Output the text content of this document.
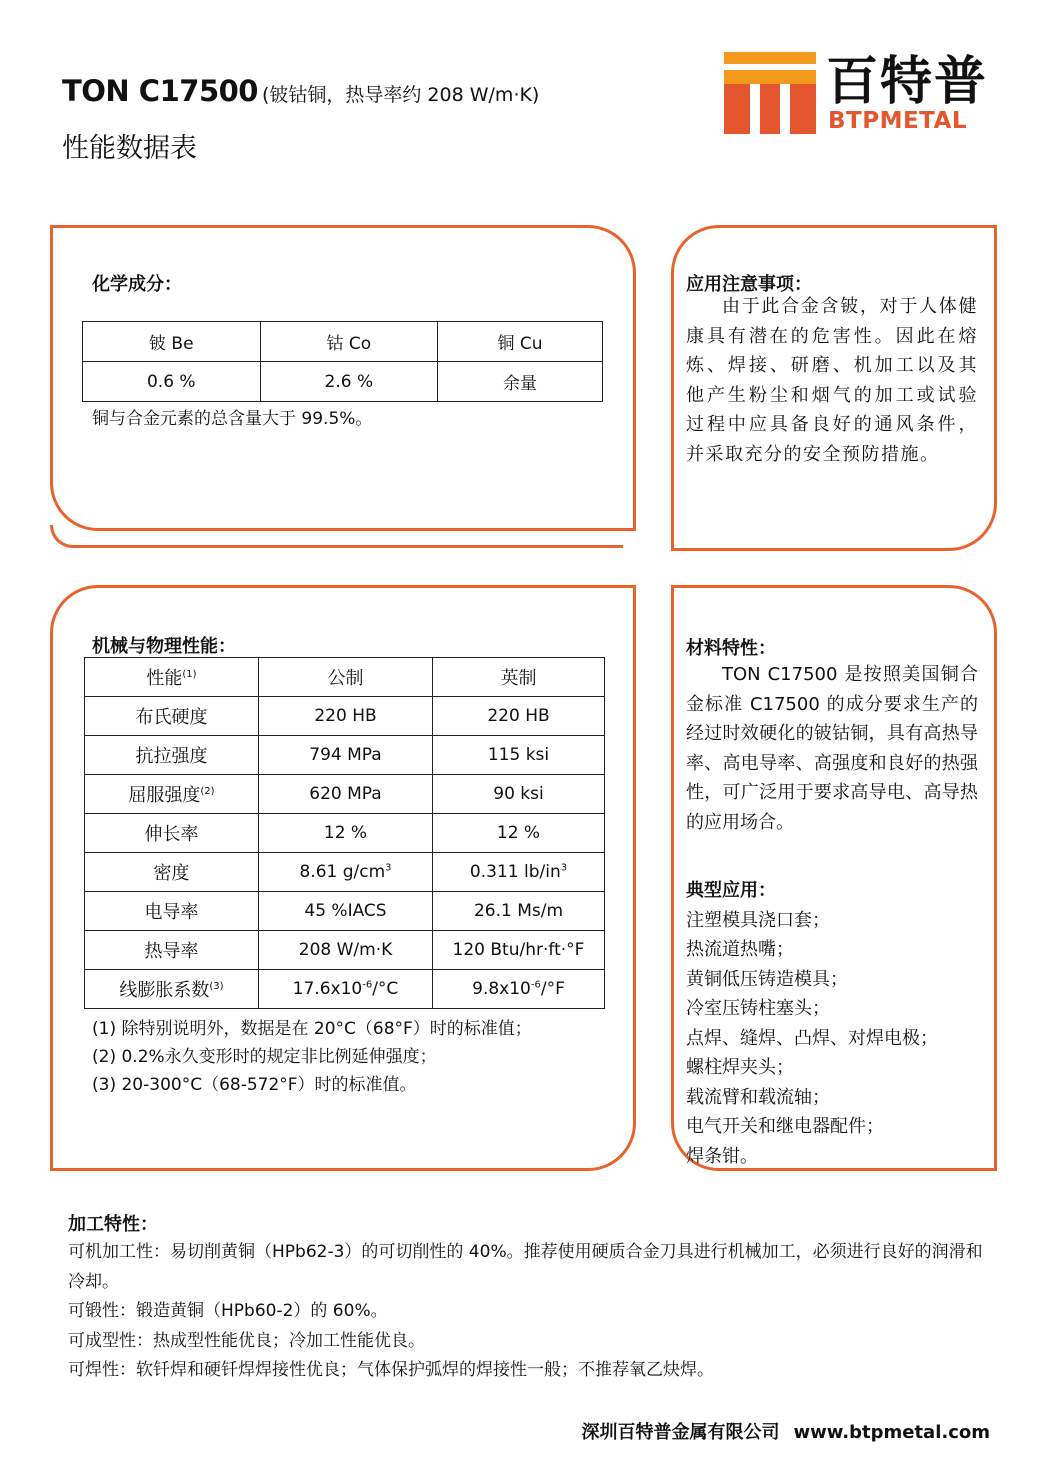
TON C17500 (铍钴铜，热导率约 208 W/m·K)
性能数据表
百特普
BTPMETAL
化学成分：
铍 Be	钴 Co	铜 Cu
0.6 %	2.6 %	余量
铜与合金元素的总含量大于 99.5%。
应用注意事项：
由于此合金含铍，对于人体健康具有潜在的危害性。因此在熔炼、焊接、研磨、机加工以及其他产生粉尘和烟气的加工或试验过程中应具备良好的通风条件，并采取充分的安全预防措施。
机械与物理性能：
性能$^{(1)}$	公制	英制
布氏硬度	220 HB	220 HB
抗拉强度	794 MPa	115 ksi
屈服强度$^{(2)}$	620 MPa	90 ksi
伸长率	12 %	12 %
密度	8.61 $g/cm^3$	0.311 $lb/in^3$
电导率	45 %IACS	26.1 Ms/m
热导率	208 W/m·K	120 Btu/hr·ft·°F
线膨胀系数$^{(3)}$	$17.6x10^{-6}/^\circ C$	$9.8x10^{-6}/^\circ F$
(1) 除特别说明外，数据是在 20°C（68°F）时的标准值；
(2) 0.2%永久变形时的规定非比例延伸强度；
(3) 20-300°C（68-572°F）时的标准值。
材料特性：
TON C17500 是按照美国铜合金标准 C17500 的成分要求生产的经过时效硬化的铍钴铜，具有高热导率、高电导率、高强度和良好的热强性，可广泛用于要求高导电、高导热的应用场合。
典型应用：
注塑模具浇口套；
热流道热嘴；
黄铜低压铸造模具；
冷室压铸柱塞头；
点焊、缝焊、凸焊、对焊电极；
螺柱焊夹头；
载流臂和载流轴；
电气开关和继电器配件；
焊条钳。
加工特性：
可机加工性：易切削黄铜（HPb62-3）的可切削性的 40%。推荐使用硬质合金刀具进行机械加工，必须进行良好的润滑和冷却。
可锻性：锻造黄铜（HPb60-2）的 60%。
可成型性：热成型性能优良；冷加工性能优良。
可焊性：软钎焊和硬钎焊焊接性优良；气体保护弧焊的焊接性一般；不推荐氧乙炔焊。
深圳百特普金属有限公司 www.btpmetal.com
